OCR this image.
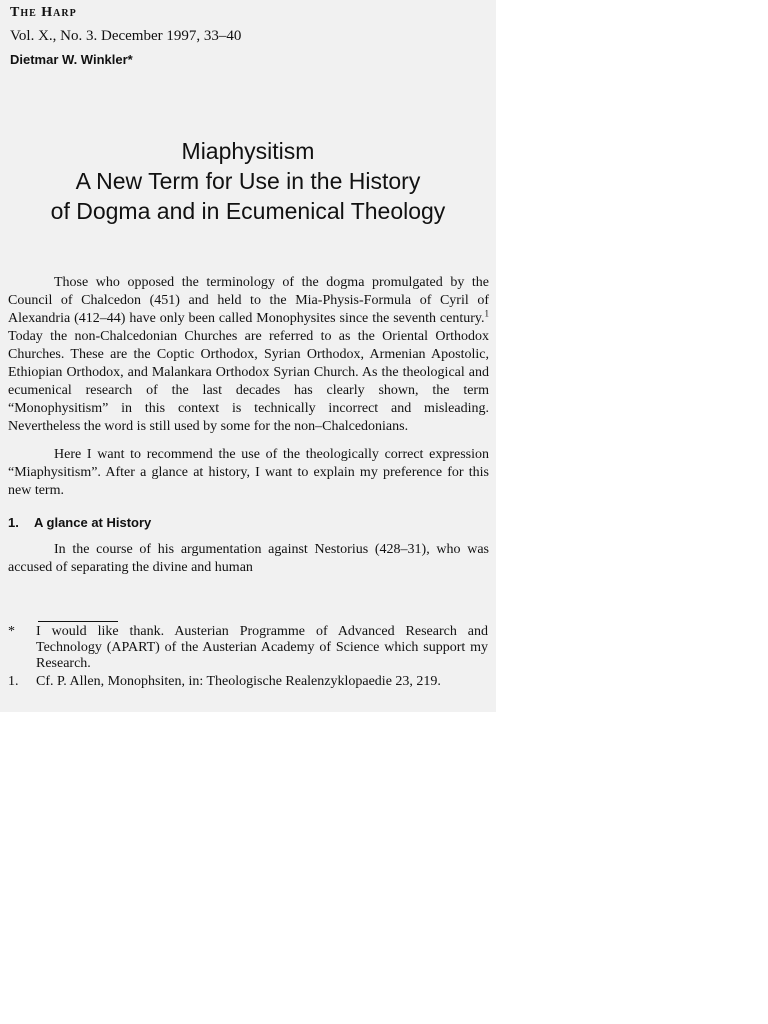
The Harp
Vol. X., No. 3. December 1997, 33–40
Dietmar W. Winkler*
Miaphysitism
A New Term for Use in the History
of Dogma and in Ecumenical Theology

Those who opposed the terminology of the dogma promulgated by the Council of Chalcedon (451) and held to the Mia-Physis-Formula of Cyril of Alexandria (412–44) have only been called Monophysites since the seventh century.$^1$ Today the non-Chalcedonian Churches are referred to as the Oriental Orthodox Churches. These are the Coptic Orthodox, Syrian Orthodox, Armenian Apostolic, Ethiopian Orthodox, and Malankara Orthodox Syrian Church. As the theological and ecumenical research of the last decades has clearly shown, the term “Monophysitism” in this context is technically incorrect and misleading. Nevertheless the word is still used by some for the non–Chalcedonians.

Here I want to recommend the use of the theologically correct expression “Miaphysitism”. After a glance at history, I want to explain my preference for this new term.

1. A glance at History

In the course of his argumentation against Nestorius (428–31), who was accused of separating the divine and human

*	I would like thank. Austerian Programme of Advanced Research and Technology (APART) of the Austerian Academy of Science which support my Research.
1.	Cf. P. Allen, Monophsiten, in: Theologische Realenzyklopaedie 23, 219.
